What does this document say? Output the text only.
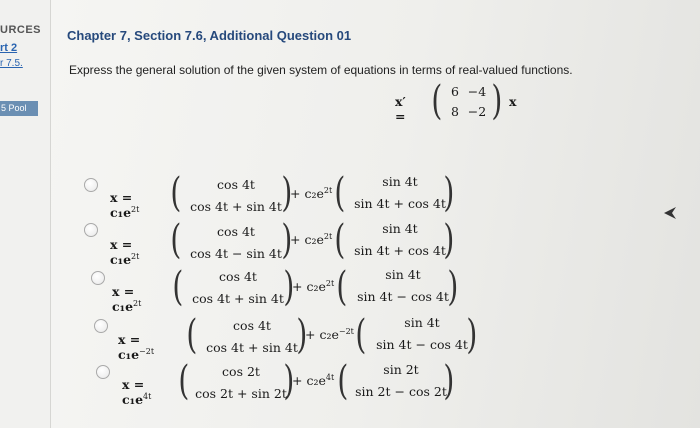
URCES
rt 2
r 7.5.
5 Pool
Chapter 7, Section 7.6, Additional Question 01
Express the general solution of the given system of equations in terms of real-valued functions.
x′ = ( 6 −4
8 −2 ) x
$x = c_1e^{2t}$ (	cos 4t
cos 4t + sin 4t )
+ $c_2e^{2t}$ (	sin 4t
sin 4t + cos 4t
)
$x = c_1e^{2t}$ (	cos 4t
cos 4t − sin 4t )
+ $c_2e^{2t}$ (	sin 4t
sin 4t + cos 4t
)
$x = c_1e^{2t}$ (	cos 4t
cos 4t + sin 4t )
+ $c_2e^{2t}$ (	sin 4t
sin 4t − cos 4t
)
$x = c_1e^{-2t}$ (	cos 4t
cos 4t + sin 4t
)
+ $c_2e^{-2t}$ (	sin 4t
sin 4t − cos 4t
)
$x = c_1e^{4t}$ (	cos 2t
cos 2t + sin 2t
)
+ $c_2e^{4t}$ (	sin 2t
sin 2t − cos 2t
)
